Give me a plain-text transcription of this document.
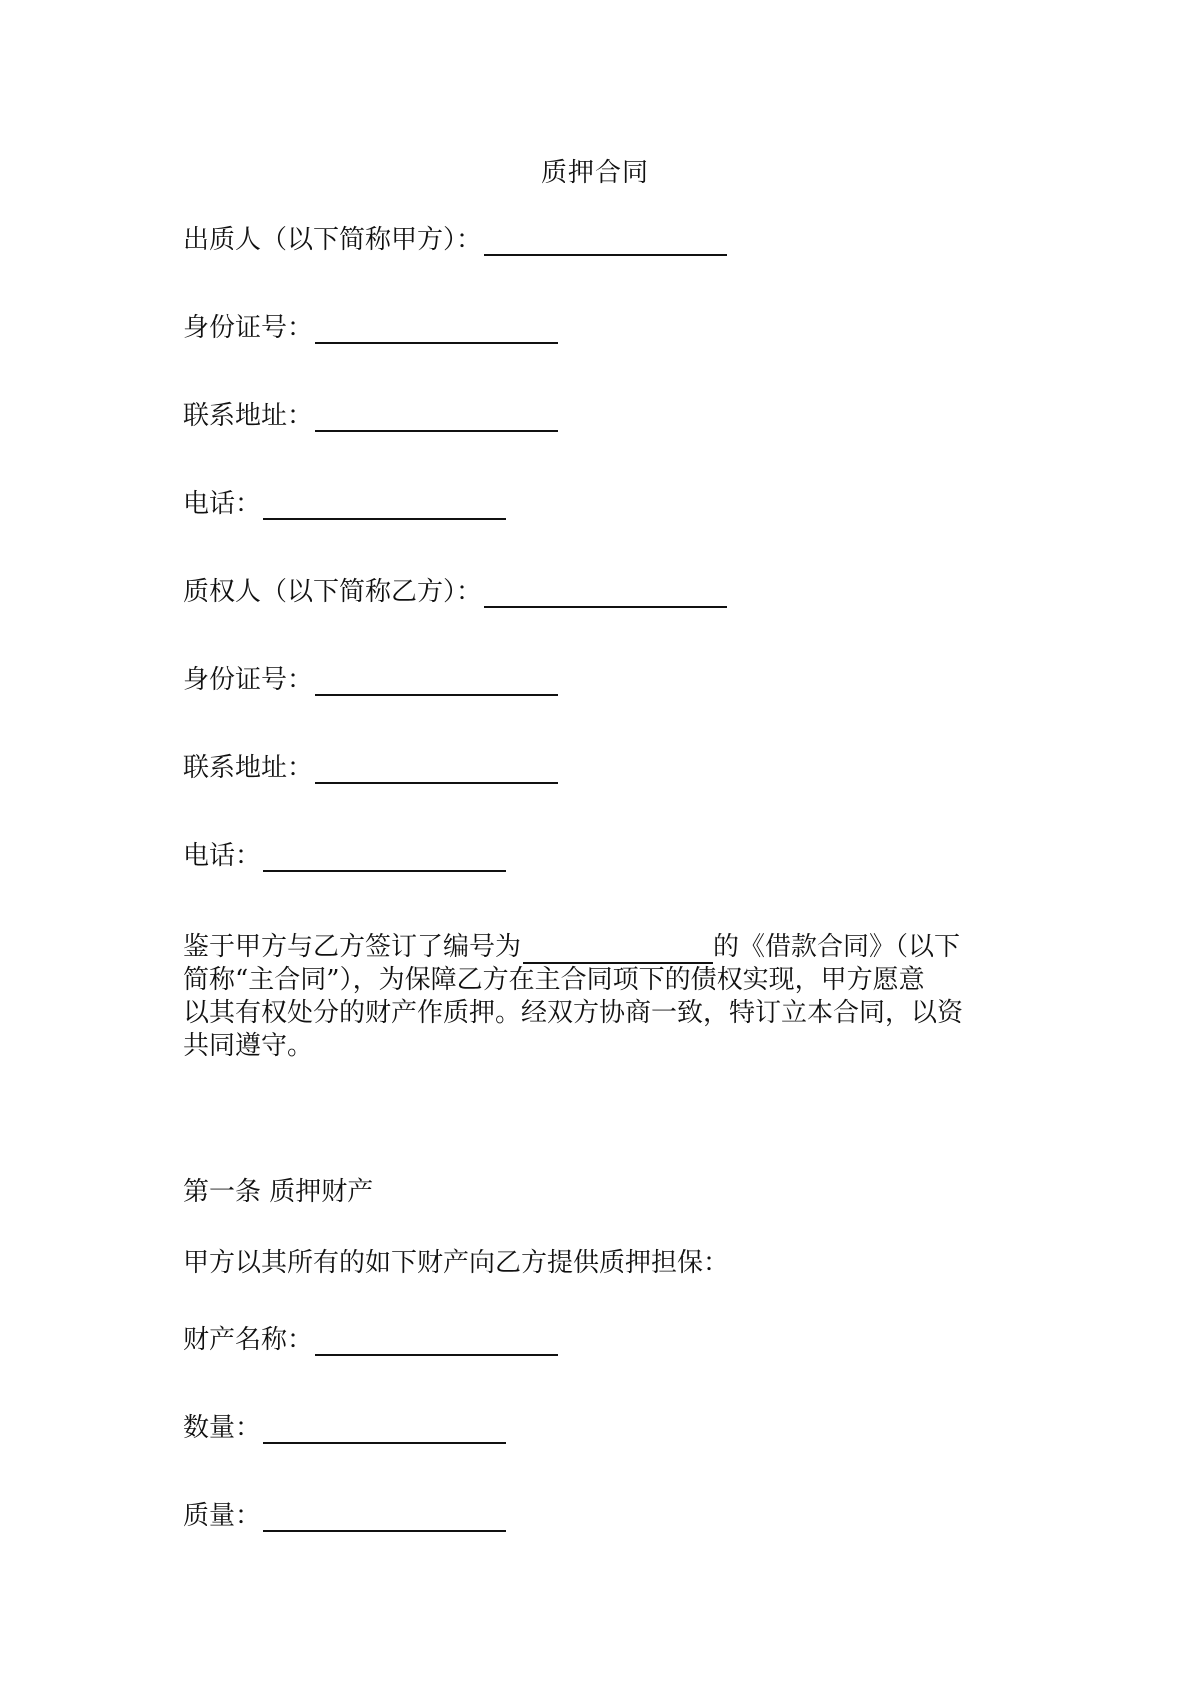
质押合同
出质人（以下简称甲方）：
身份证号：
联系地址：
电话：
质权人（以下简称乙方）：
身份证号：
联系地址：
电话：
鉴于甲方与乙方签订了编号为	的《借款合同》（以下
简称“主合同”），为保障乙方在主合同项下的债权实现，甲方愿意
以其有权处分的财产作质押。经双方协商一致，特订立本合同，以资
共同遵守。
第一条 质押财产
甲方以其所有的如下财产向乙方提供质押担保：
财产名称：
数量：
质量：
